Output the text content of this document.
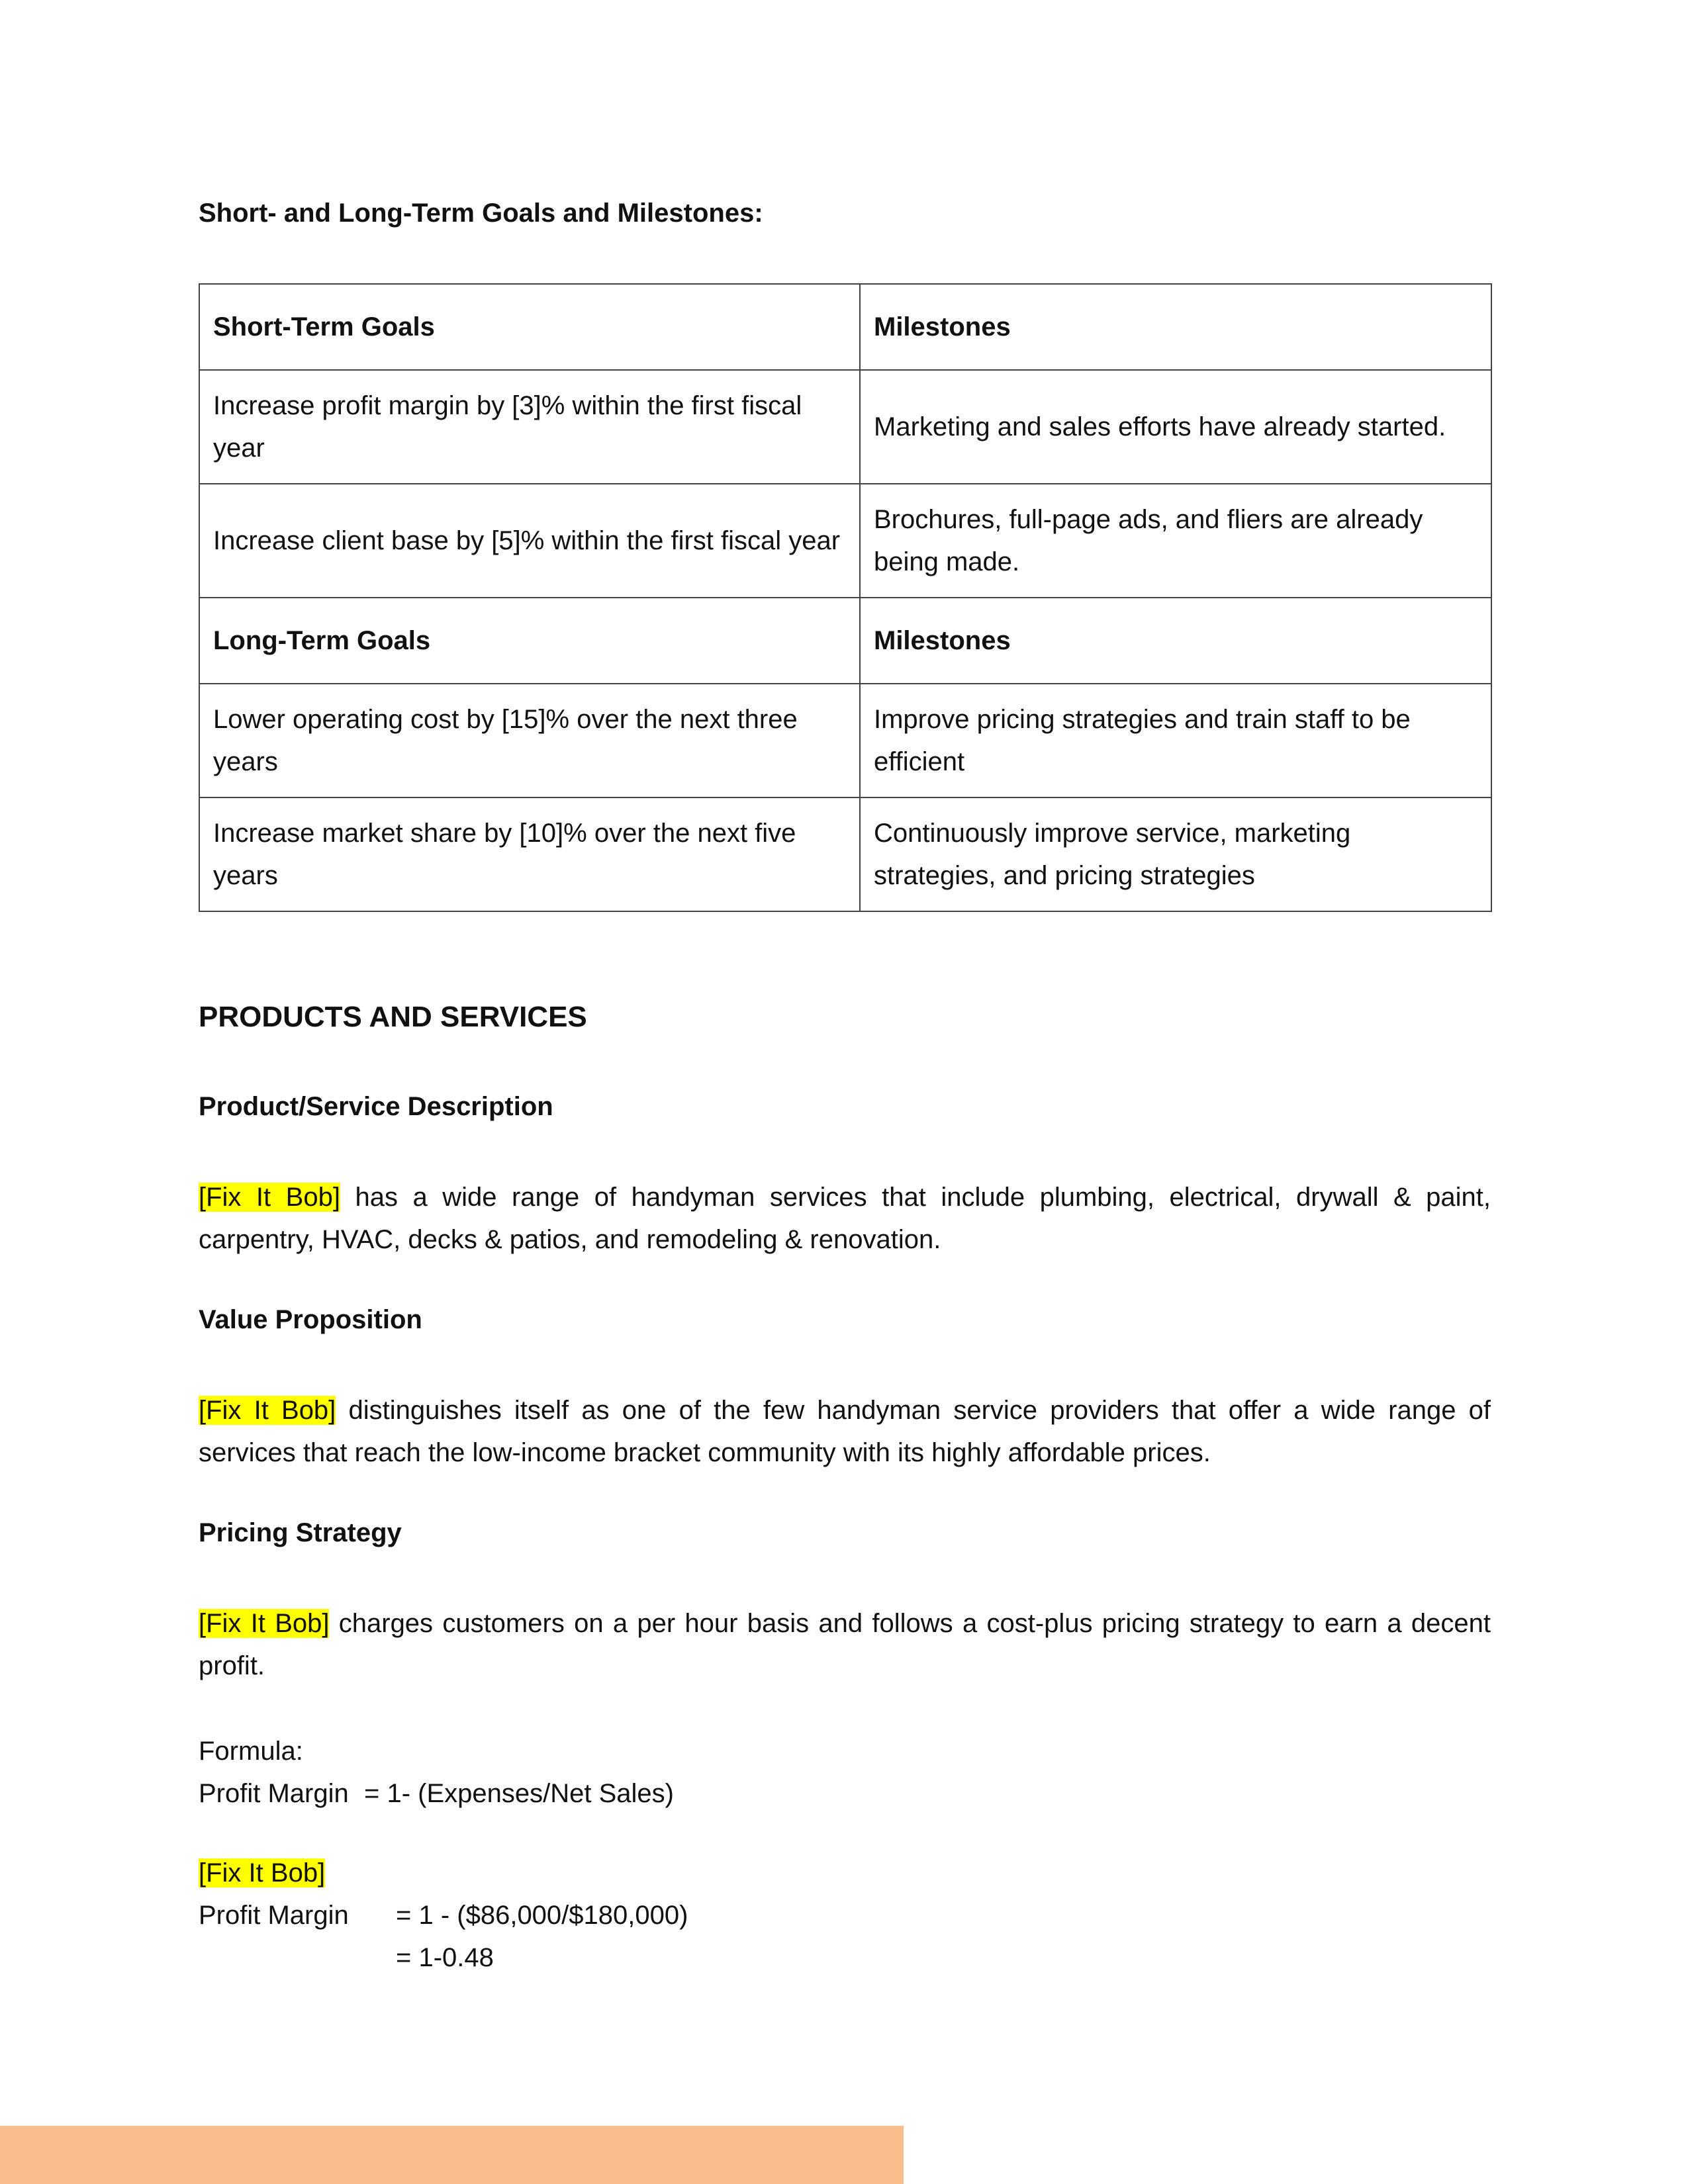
Short- and Long-Term Goals and Milestones:
Short-Term Goals	Milestones
Increase profit margin by [3]% within the first fiscal year	Marketing and sales efforts have already started.
Increase client base by [5]% within the first fiscal year	Brochures, full-page ads, and fliers are already being made.
Long-Term Goals	Milestones
Lower operating cost by [15]% over the next three years	Improve pricing strategies and train staff to be efficient
Increase market share by [10]% over the next five years	Continuously improve service, marketing strategies, and pricing strategies
PRODUCTS AND SERVICES
Product/Service Description

[Fix It Bob] has a wide range of handyman services that include plumbing, electrical, drywall & paint, carpentry, HVAC, decks & patios, and remodeling & renovation.

Value Proposition

[Fix It Bob] distinguishes itself as one of the few handyman service providers that offer a wide range of services that reach the low-income bracket community with its highly affordable prices.

Pricing Strategy

[Fix It Bob] charges customers on a per hour basis and follows a cost-plus pricing strategy to earn a decent profit.

Formula:
Profit Margin = 1- (Expenses/Net Sales)
[Fix It Bob]
Profit Margin = 1 - ($86,000/$180,000)
= 1-0.48
